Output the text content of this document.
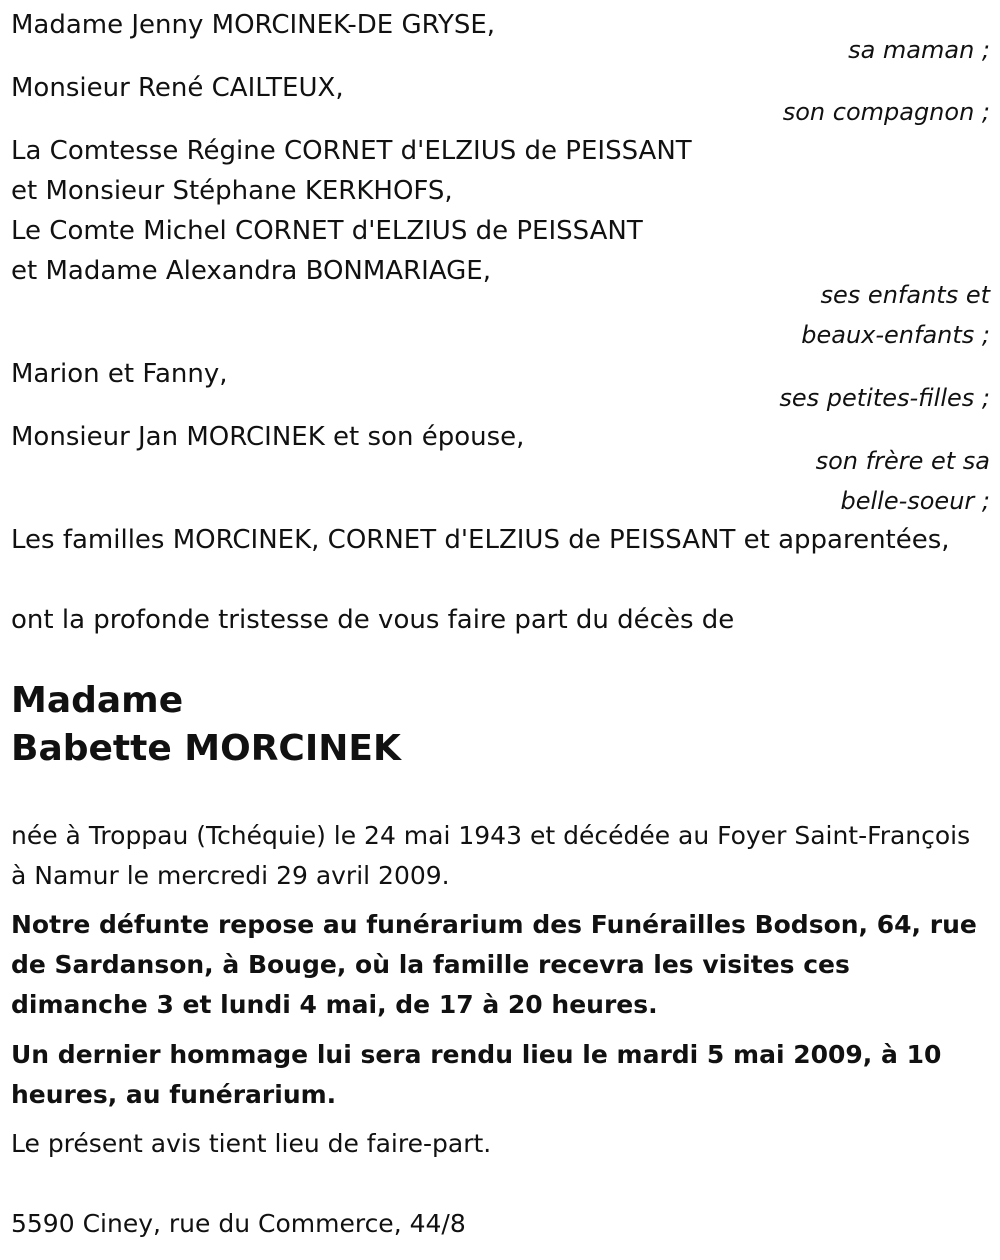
Madame Jenny MORCINEK-DE GRYSE,
sa maman ;
Monsieur René CAILTEUX,
son compagnon ;
La Comtesse Régine CORNET d'ELZIUS de PEISSANT
et Monsieur Stéphane KERKHOFS,
Le Comte Michel CORNET d'ELZIUS de PEISSANT
et Madame Alexandra BONMARIAGE,
ses enfants et
beaux-enfants ;
Marion et Fanny,
ses petites-filles ;
Monsieur Jan MORCINEK et son épouse,
son frère et sa
belle-soeur ;
Les familles MORCINEK, CORNET d'ELZIUS de PEISSANT et apparentées,
ont la profonde tristesse de vous faire part du décès de
Madame
Babette MORCINEK
née à Troppau (Tchéquie) le 24 mai 1943 et décédée au Foyer Saint-François à Namur le mercredi 29 avril 2009.
Notre défunte repose au funérarium des Funérailles Bodson, 64, rue de Sardanson, à Bouge, où la famille recevra les visites ces dimanche 3 et lundi 4 mai, de 17 à 20 heures.
Un dernier hommage lui sera rendu lieu le mardi 5 mai 2009, à 10 heures, au funérarium.
Le présent avis tient lieu de faire-part.
5590 Ciney, rue du Commerce, 44/8
